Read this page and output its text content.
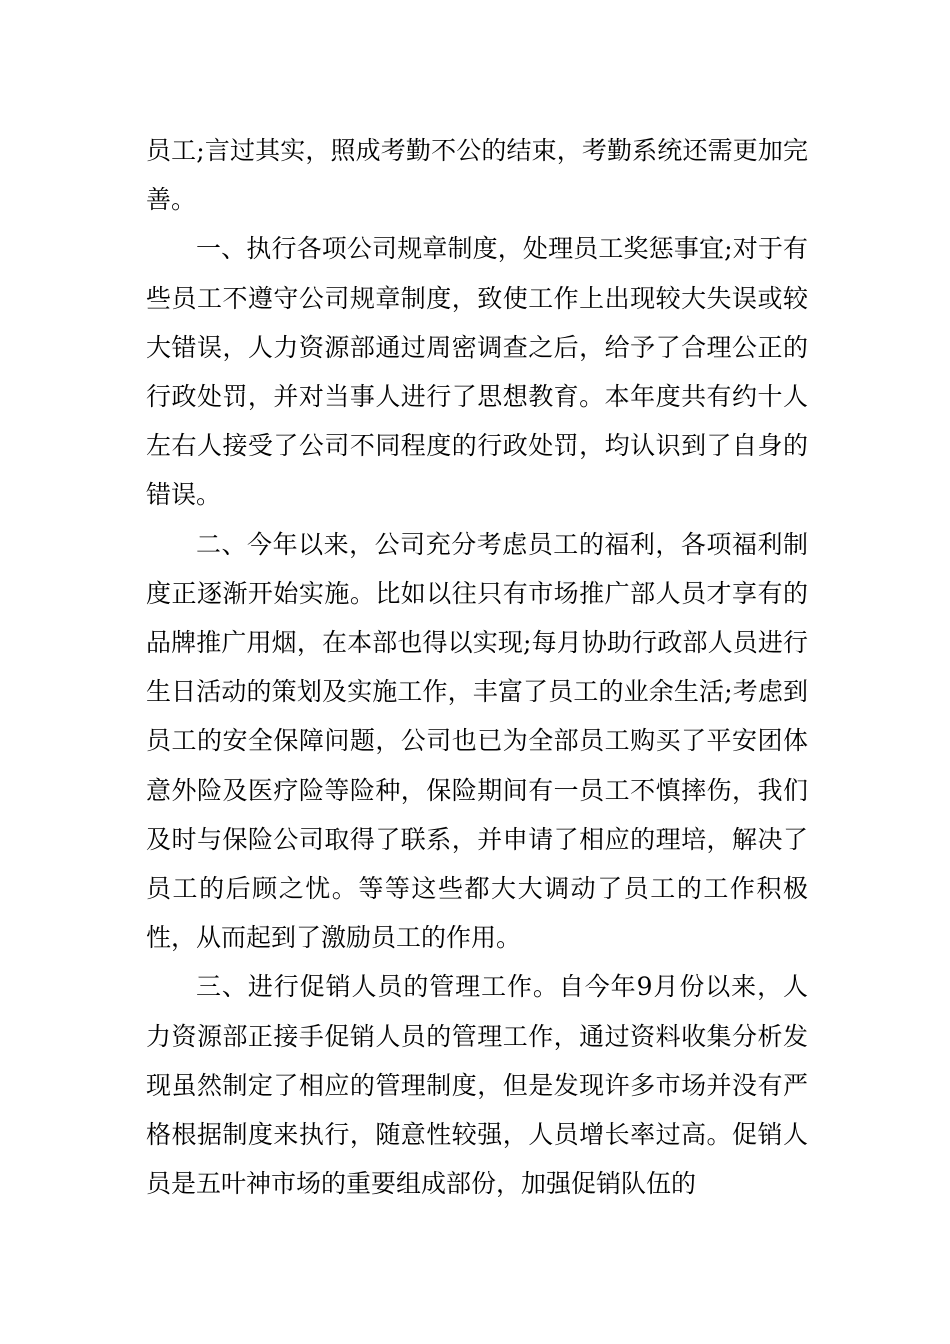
员工;言过其实，照成考勤不公的结束，考勤系统还需更加完善。

一、执行各项公司规章制度，处理员工奖惩事宜;对于有些员工不遵守公司规章制度，致使工作上出现较大失误或较大错误，人力资源部通过周密调查之后，给予了合理公正的行政处罚，并对当事人进行了思想教育。本年度共有约十人左右人接受了公司不同程度的行政处罚，均认识到了自身的错误。

二、今年以来，公司充分考虑员工的福利，各项福利制度正逐渐开始实施。比如以往只有市场推广部人员才享有的品牌推广用烟，在本部也得以实现;每月协助行政部人员进行生日活动的策划及实施工作，丰富了员工的业余生活;考虑到员工的安全保障问题，公司也已为全部员工购买了平安团体意外险及医疗险等险种，保险期间有一员工不慎摔伤，我们及时与保险公司取得了联系，并申请了相应的理培，解决了员工的后顾之忧。等等这些都大大调动了员工的工作积极性，从而起到了激励员工的作用。

三、进行促销人员的管理工作。自今年9月份以来，人力资源部正接手促销人员的管理工作，通过资料收集分析发现虽然制定了相应的管理制度，但是发现许多市场并没有严格根据制度来执行，随意性较强，人员增长率过高。促销人员是五叶神市场的重要组成部份，加强促销队伍的
